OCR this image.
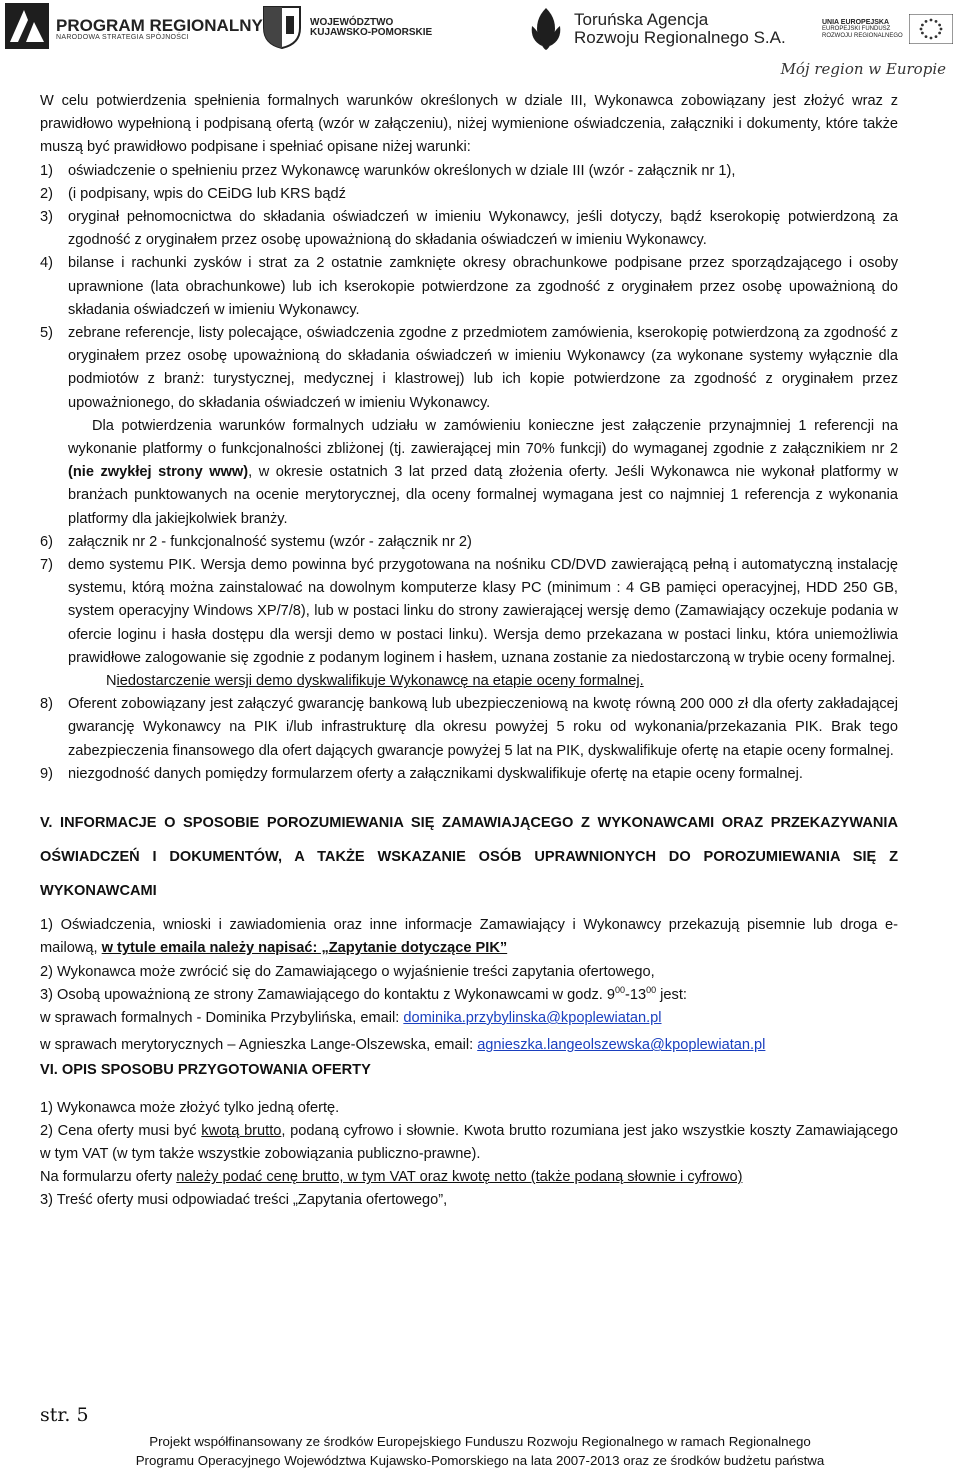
PROGRAM REGIONALNY
NARODOWA STRATEGIA SPÓJNOŚCI
WOJEWÓDZTWO
KUJAWSKO-POMORSKIE
Toruńska Agencja
Rozwoju Regionalnego S.A.
UNIA EUROPEJSKA
EUROPEJSKI FUNDUSZ
ROZWOJU REGIONALNEGO
Mój region w Europie

W celu potwierdzenia spełnienia formalnych warunków określonych w dziale III, Wykonawca zobowiązany jest złożyć wraz z prawidłowo wypełnioną i podpisaną ofertą (wzór w załączeniu), niżej wymienione oświadczenia, załączniki i dokumenty, które także muszą być prawidłowo podpisane i spełniać opisane niżej warunki:

1)	oświadczenie o spełnieniu przez Wykonawcę warunków określonych w dziale III (wzór - załącznik nr 1),
2)	(i podpisany, wpis do CEiDG lub KRS bądź
3)	oryginał pełnomocnictwa do składania oświadczeń w imieniu Wykonawcy, jeśli dotyczy, bądź kserokopię potwierdzoną za zgodność z oryginałem przez osobę upoważnioną do składania oświadczeń w imieniu Wykonawcy.
4)	bilanse i rachunki zysków i strat za 2 ostatnie zamknięte okresy obrachunkowe podpisane przez sporządzającego i osoby uprawnione (lata obrachunkowe) lub ich kserokopie potwierdzone za zgodność z oryginałem przez osobę upoważnioną do składania oświadczeń w imieniu Wykonawcy.
5)	zebrane referencje, listy polecające, oświadczenia zgodne z przedmiotem zamówienia, kserokopię potwierdzoną za zgodność z oryginałem przez osobę upoważnioną do składania oświadczeń w imieniu Wykonawcy (za wykonane systemy wyłącznie dla podmiotów z branż: turystycznej, medycznej i klastrowej) lub ich kopie potwierdzone za zgodność z oryginałem przez upoważnionego, do składania oświadczeń w imieniu Wykonawcy.
Dla potwierdzenia warunków formalnych udziału w zamówieniu konieczne jest załączenie przynajmniej 1 referencji na wykonanie platformy o funkcjonalności zbliżonej (tj. zawierającej min 70% funkcji) do wymaganej zgodnie z załącznikiem nr 2 (nie zwykłej strony www), w okresie ostatnich 3 lat przed datą złożenia oferty. Jeśli Wykonawca nie wykonał platformy w branżach punktowanych na ocenie merytorycznej, dla oceny formalnej wymagana jest co najmniej 1 referencja z wykonania platformy dla jakiejkolwiek branży.
6)	załącznik nr 2 - funkcjonalność systemu (wzór - załącznik nr 2)
7)	demo systemu PIK. Wersja demo powinna być przygotowana na nośniku CD/DVD zawierającą pełną i automatyczną instalację systemu, którą można zainstalować na dowolnym komputerze klasy PC (minimum : 4 GB pamięci operacyjnej, HDD 250 GB, system operacyjny Windows XP/7/8), lub w postaci linku do strony zawierającej wersję demo (Zamawiający oczekuje podania w ofercie loginu i hasła dostępu dla wersji demo w postaci linku). Wersja demo przekazana w postaci linku, która uniemożliwia prawidłowe zalogowanie się zgodnie z podanym loginem i hasłem, uznana zostanie za niedostarczoną w trybie oceny formalnej.
Niedostarczenie wersji demo dyskwalifikuje Wykonawcę na etapie oceny formalnej.
8)	Oferent zobowiązany jest załączyć gwarancję bankową lub ubezpieczeniową na kwotę równą 200 000 zł dla oferty zakładającej gwarancję Wykonawcy na PIK i/lub infrastrukturę dla okresu powyżej 5 roku od wykonania/przekazania PIK. Brak tego zabezpieczenia finansowego dla ofert dających gwarancje powyżej 5 lat na PIK, dyskwalifikuje ofertę na etapie oceny formalnej.
9)	niezgodność danych pomiędzy formularzem oferty a załącznikami dyskwalifikuje ofertę na etapie oceny formalnej.
V. INFORMACJE O SPOSOBIE POROZUMIEWANIA SIĘ ZAMAWIAJĄCEGO Z WYKONAWCAMI ORAZ PRZEKAZYWANIA OŚWIADCZEŃ I DOKUMENTÓW, A TAKŻE WSKAZANIE OSÓB UPRAWNIONYCH DO POROZUMIEWANIA SIĘ Z WYKONAWCAMI

1) Oświadczenia, wnioski i zawiadomienia oraz inne informacje Zamawiający i Wykonawcy przekazują pisemnie lub droga e-mailową, w tytule emaila należy napisać: „Zapytanie dotyczące PIK”

2) Wykonawca może zwrócić się do Zamawiającego o wyjaśnienie treści zapytania ofertowego,

3) Osobą upoważnioną ze strony Zamawiającego do kontaktu z Wykonawcami w godz. $9^{00}-13^{00}$ jest:

w sprawach formalnych - Dominika Przybylińska, email: dominika.przybylinska@kpoplewiatan.pl

w sprawach merytorycznych – Agnieszka Lange-Olszewska, email: agnieszka.langeolszewska@kpoplewiatan.pl

VI. OPIS SPOSOBU PRZYGOTOWANIA OFERTY

1) Wykonawca może złożyć tylko jedną ofertę.

2) Cena oferty musi być kwotą brutto, podaną cyfrowo i słownie. Kwota brutto rozumiana jest jako wszystkie koszty Zamawiającego w tym VAT (w tym także wszystkie zobowiązania publiczno-prawne).

Na formularzu oferty należy podać cenę brutto, w tym VAT oraz kwotę netto (także podaną słownie i cyfrowo)

3) Treść oferty musi odpowiadać treści „Zapytania ofertowego”,

str. 5
Projekt współfinansowany ze środków Europejskiego Funduszu Rozwoju Regionalnego w ramach Regionalnego
Programu Operacyjnego Województwa Kujawsko-Pomorskiego na lata 2007-2013 oraz ze środków budżetu państwa
